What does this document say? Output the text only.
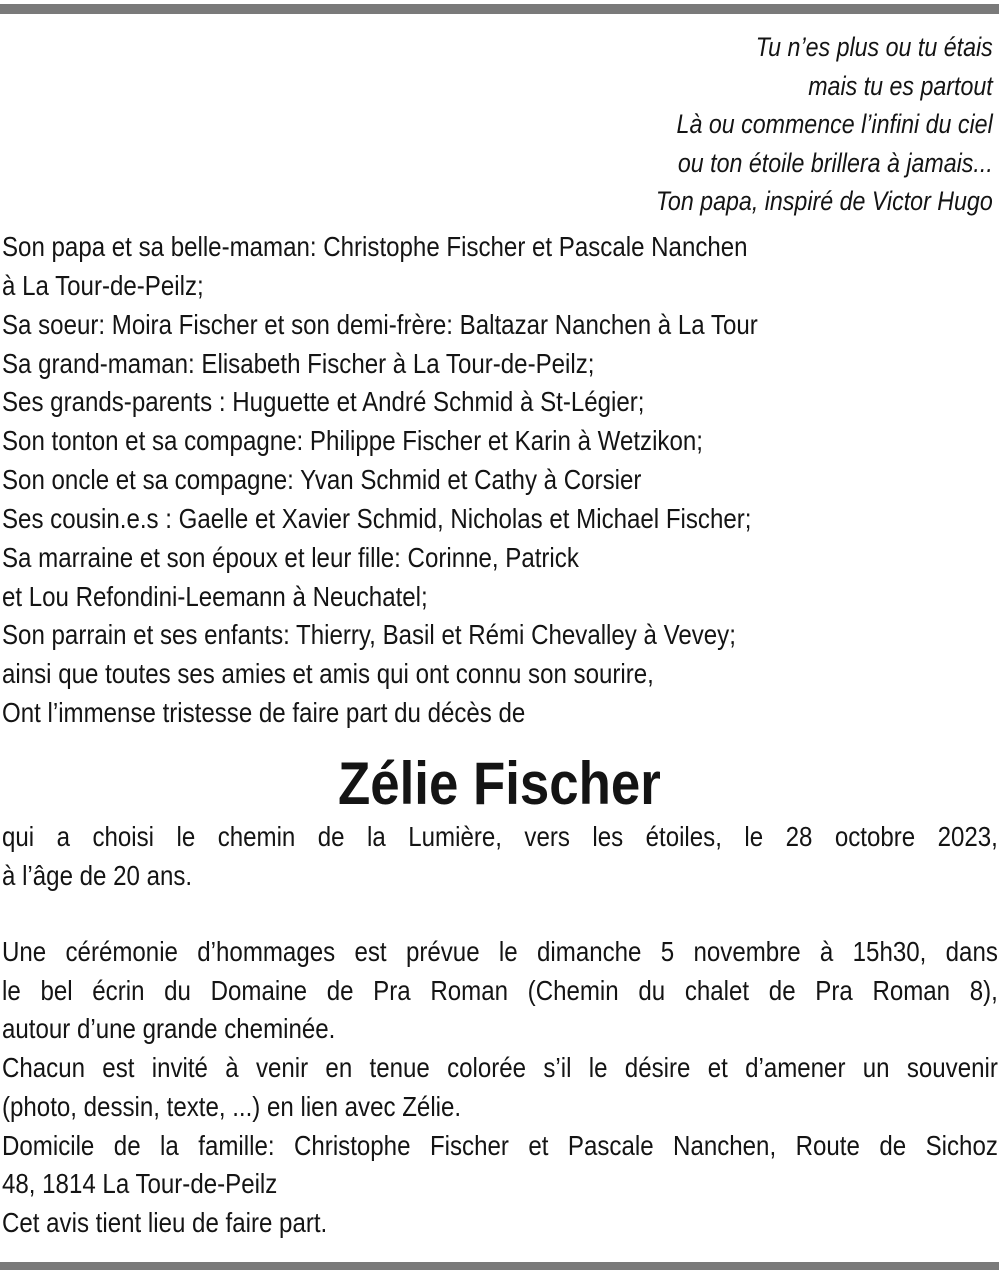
Tu n’es plus ou tu étais
mais tu es partout
Là ou commence l’infini du ciel
ou ton étoile brillera à jamais...
Ton papa, inspiré de Victor Hugo
Son papa et sa belle-maman: Christophe Fischer et Pascale Nanchen
à La Tour-de-Peilz;
Sa soeur: Moira Fischer et son demi-frère: Baltazar Nanchen à La Tour
Sa grand-maman: Elisabeth Fischer à La Tour-de-Peilz;
Ses grands-parents : Huguette et André Schmid à St-Légier;
Son tonton et sa compagne: Philippe Fischer et Karin à Wetzikon;
Son oncle et sa compagne: Yvan Schmid et Cathy à Corsier
Ses cousin.e.s : Gaelle et Xavier Schmid, Nicholas et Michael Fischer;
Sa marraine et son époux et leur fille: Corinne, Patrick
et Lou Refondini-Leemann à Neuchatel;
Son parrain et ses enfants: Thierry, Basil et Rémi Chevalley à Vevey;
ainsi que toutes ses amies et amis qui ont connu son sourire,
Ont l’immense tristesse de faire part du décès de
Zélie Fischer
qui a choisi le chemin de la Lumière, vers les étoiles, le 28 octobre 2023,
à l’âge de 20 ans.
Une cérémonie d’hommages est prévue le dimanche 5 novembre à 15h30, dans
le bel écrin du Domaine de Pra Roman (Chemin du chalet de Pra Roman 8),
autour d’une grande cheminée.
Chacun est invité à venir en tenue colorée s’il le désire et d’amener un souvenir
(photo, dessin, texte, ...) en lien avec Zélie.
Domicile de la famille: Christophe Fischer et Pascale Nanchen, Route de Sichoz
48, 1814 La Tour-de-Peilz
Cet avis tient lieu de faire part.
